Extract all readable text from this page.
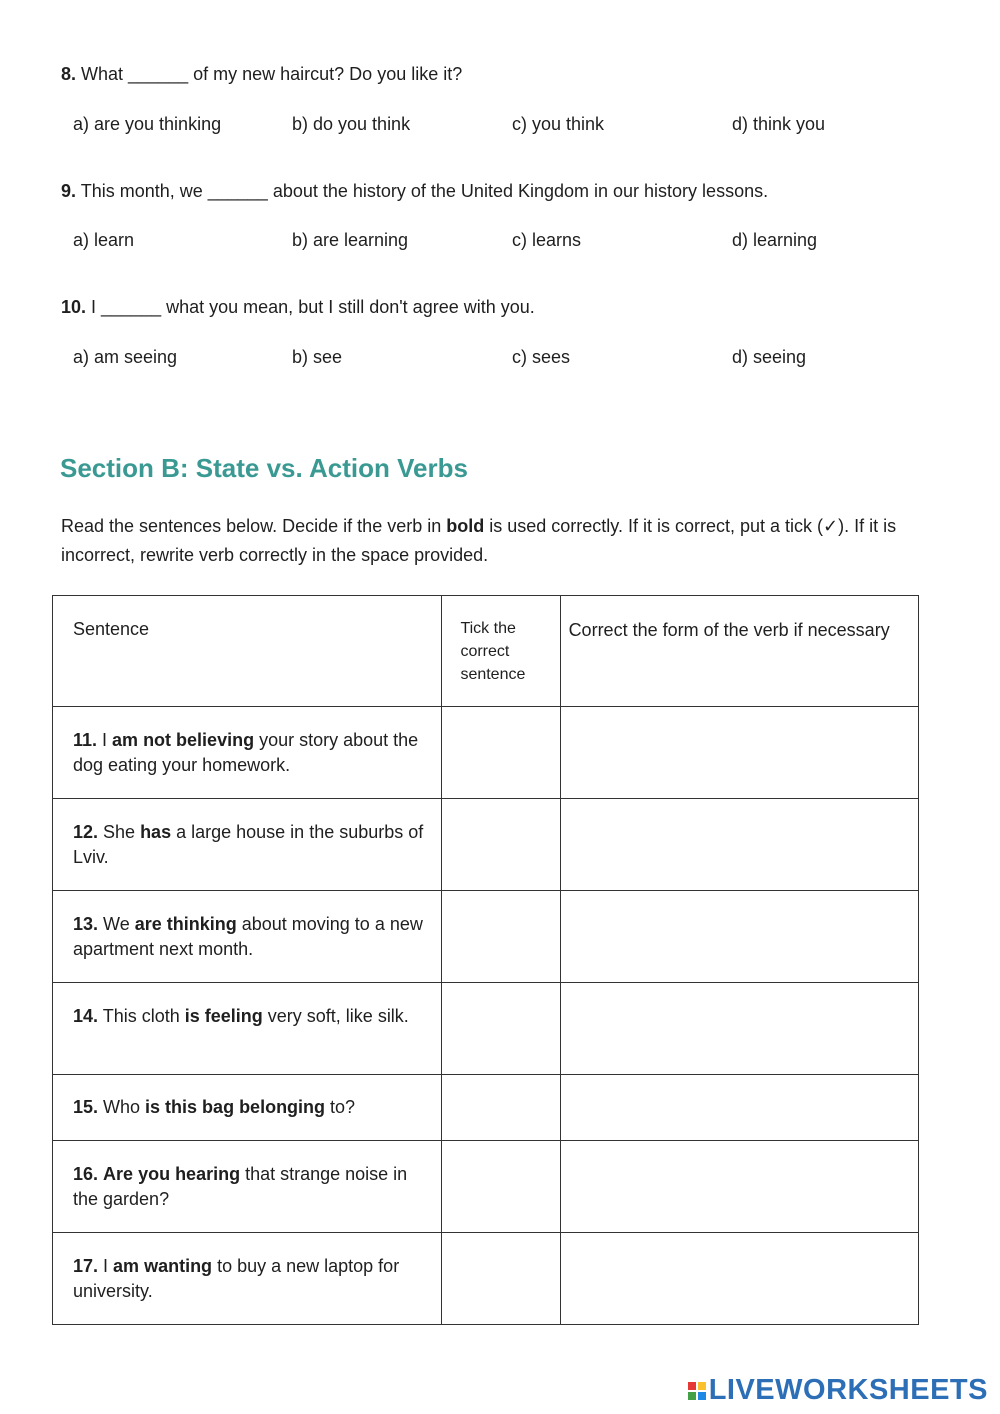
8. What ______ of my new haircut? Do you like it?
a) are you thinking	b) do you think	c) you think	d) think you
9. This month, we ______ about the history of the United Kingdom in our history lessons.
a) learn	b) are learning	c) learns	d) learning
10. I ______ what you mean, but I still don't agree with you.
a) am seeing	b) see	c) sees	d) seeing
Section B: State vs. Action Verbs

Read the sentences below. Decide if the verb in bold is used correctly. If it is correct, put a tick (✓). If it is incorrect, rewrite verb correctly in the space provided.

Sentence	Tick the correct sentence	Correct the form of the verb if necessary
11. I am not believing your story about the dog eating your homework.		
12. She has a large house in the suburbs of Lviv.		
13. We are thinking about moving to a new apartment next month.		
14. This cloth is feeling very soft, like silk.		
15. Who is this bag belonging to?		
16. Are you hearing that strange noise in the garden?		
17. I am wanting to buy a new laptop for university.		
LIVEWORKSHEETS
